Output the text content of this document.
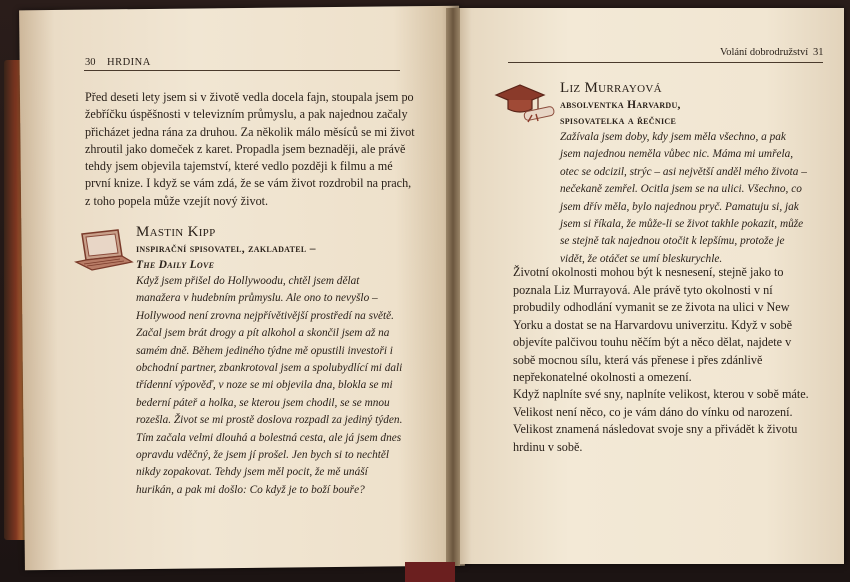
30 HRDINA
Před deseti lety jsem si v životě vedla docela fajn, stoupala jsem po žebříčku úspěšnosti v televizním průmyslu, a pak najednou začaly přicházet jedna rána za druhou. Za několik málo měsíců se mi život zhroutil jako domeček z karet. Propadla jsem beznaději, ale právě tehdy jsem objevila tajemství, které vedlo později k filmu a mé první knize. I když se vám zdá, že se vám život rozdrobil na prach, z toho popela může vzejít nový život.
Mastin Kipp
inspirační spisovatel, zakladatel –
The Daily Love
Když jsem přišel do Hollywoodu, chtěl jsem dělat manažera v hudebním průmyslu. Ale ono to nevyšlo – Hollywood není zrovna nejpřívětivější prostředí na světě. Začal jsem brát drogy a pít alkohol a skončil jsem až na samém dně. Během jediného týdne mě opustili investoři i obchodní partner, zbankrotoval jsem a spolubydlící mi dali třídenní výpověď, v noze se mi objevila dna, blokla se mi bederní páteř a holka, se kterou jsem chodil, se se mnou rozešla. Život se mi prostě doslova rozpadl za jediný týden. Tím začala velmi dlouhá a bolestná cesta, ale já jsem dnes opravdu vděčný, že jsem jí prošel. Jen bych si to nechtěl nikdy zopakovat. Tehdy jsem měl pocit, že mě unáší hurikán, a pak mi došlo: Co když je to boží bouře?
Volání dobrodružství 31
Liz Murrayová
absolventka Harvardu,
spisovatelka a řečnice
Zažívala jsem doby, kdy jsem měla všechno, a pak jsem najednou neměla vůbec nic. Máma mi umřela, otec se odcizil, strýc – asi největší anděl mého života – nečekaně zemřel. Ocitla jsem se na ulici. Všechno, co jsem dřív měla, bylo najednou pryč. Pamatuju si, jak jsem si říkala, že může-li se život takhle pokazit, může se stejně tak najednou otočit k lepšímu, protože je vidět, že otáčet se umí bleskurychle.
Životní okolnosti mohou být k nesnesení, stejně jako to poznala Liz Murrayová. Ale právě tyto okolnosti v ní probudily odhodlání vymanit se ze života na ulici v New Yorku a dostat se na Harvardovu univerzitu. Když v sobě objevíte palčivou touhu něčím být a něco dělat, najdete v sobě mocnou sílu, která vás přenese i přes zdánlivě nepřekonatelné okolnosti a omezení.
Když naplníte své sny, naplníte velikost, kterou v sobě máte. Velikost není něco, co je vám dáno do vínku od narození. Velikost znamená následovat svoje sny a přivádět k životu hrdinu v sobě.
